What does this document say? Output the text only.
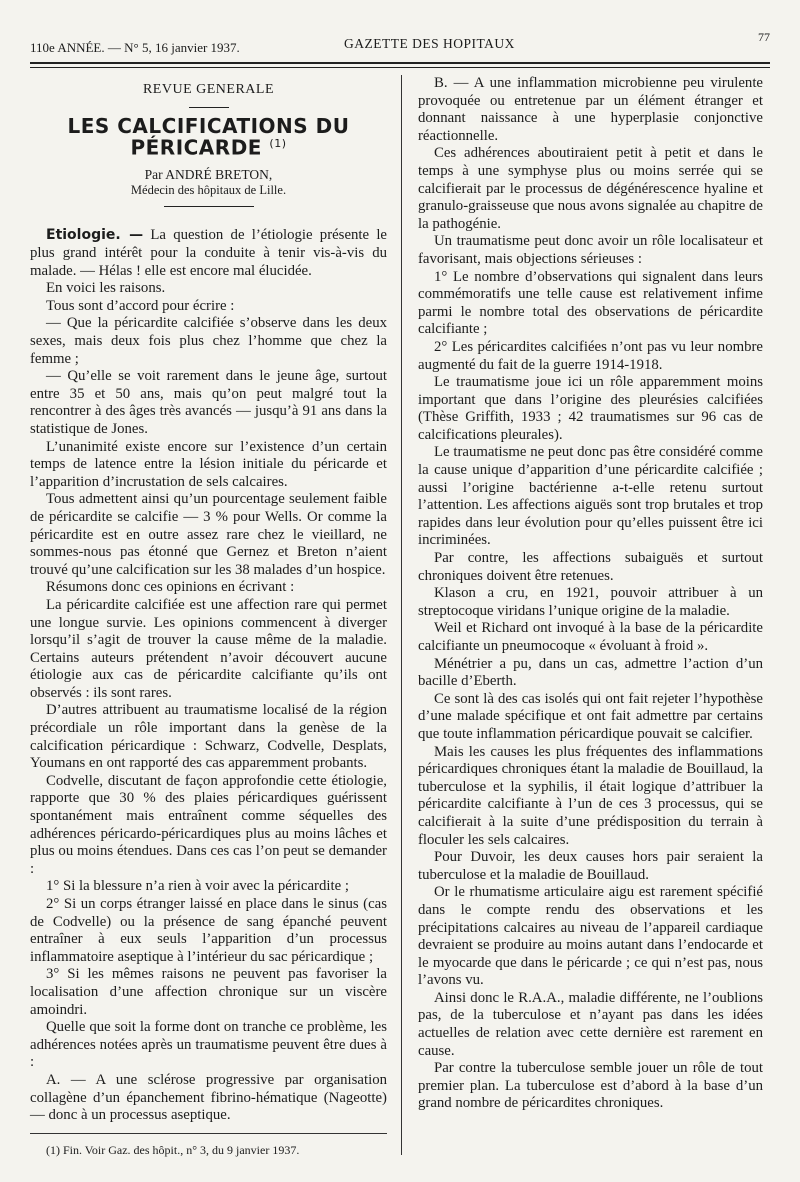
110e ANNÉE. — N° 5, 16 janvier 1937.	GAZETTE DES HOPITAUX	77
REVUE GENERALE
LES CALCIFICATIONS DU PÉRICARDE $^{(1)}$
Par ANDRÉ BRETON,
Médecin des hôpitaux de Lille.

Etiologie. — La question de l’étiologie présente le plus grand intérêt pour la conduite à tenir vis-à-vis du malade. — Hélas ! elle est encore mal élucidée.

En voici les raisons.

Tous sont d’accord pour écrire :

— Que la péricardite calcifiée s’observe dans les deux sexes, mais deux fois plus chez l’homme que chez la femme ;

— Qu’elle se voit rarement dans le jeune âge, surtout entre 35 et 50 ans, mais qu’on peut malgré tout la rencontrer à des âges très avancés — jusqu’à 91 ans dans la statistique de Jones.

L’unanimité existe encore sur l’existence d’un certain temps de latence entre la lésion initiale du péricarde et l’apparition d’incrustation de sels calcaires.

Tous admettent ainsi qu’un pourcentage seulement faible de péricardite se calcifie — 3 % pour Wells. Or comme la péricardite est en outre assez rare chez le vieillard, ne sommes-nous pas étonné que Gernez et Breton n’aient trouvé qu’une calcification sur les 38 malades d’un hospice.

Résumons donc ces opinions en écrivant :

La péricardite calcifiée est une affection rare qui permet une longue survie. Les opinions commencent à diverger lorsqu’il s’agit de trouver la cause même de la maladie. Certains auteurs prétendent n’avoir découvert aucune étiologie aux cas de péricardite calcifiante qu’ils ont observés : ils sont rares.

D’autres attribuent au traumatisme localisé de la région précordiale un rôle important dans la genèse de la calcification péricardique : Schwarz, Codvelle, Desplats, Youmans en ont rapporté des cas apparemment probants.

Codvelle, discutant de façon approfondie cette étiologie, rapporte que 30 % des plaies péricardiques guérissent spontanément mais entraînent comme séquelles des adhérences péricardo-péricardiques plus au moins lâches et plus ou moins étendues. Dans ces cas l’on peut se demander :

1° Si la blessure n’a rien à voir avec la péricardite ;

2° Si un corps étranger laissé en place dans le sinus (cas de Codvelle) ou la présence de sang épanché peuvent entraîner à eux seuls l’apparition d’un processus inflammatoire aseptique à l’intérieur du sac péricardique ;

3° Si les mêmes raisons ne peuvent pas favoriser la localisation d’une affection chronique sur un viscère amoindri.

Quelle que soit la forme dont on tranche ce problème, les adhérences notées après un traumatisme peuvent être dues à :

A. — A une sclérose progressive par organisation collagène d’un épanchement fibrino-hématique (Nageotte) — donc à un processus aseptique.

(1) Fin. Voir Gaz. des hôpit., n° 3, du 9 janvier 1937.

B. — A une inflammation microbienne peu virulente provoquée ou entretenue par un élément étranger et donnant naissance à une hyperplasie conjonctive réactionnelle.

Ces adhérences aboutiraient petit à petit et dans le temps à une symphyse plus ou moins serrée qui se calcifierait par le processus de dégénérescence hyaline et granulo-graisseuse que nous avons signalée au chapitre de la pathogénie.

Un traumatisme peut donc avoir un rôle localisateur et favorisant, mais objections sérieuses :

1° Le nombre d’observations qui signalent dans leurs commémoratifs une telle cause est relativement infime parmi le nombre total des observations de péricardite calcifiante ;

2° Les péricardites calcifiées n’ont pas vu leur nombre augmenté du fait de la guerre 1914-1918.

Le traumatisme joue ici un rôle apparemment moins important que dans l’origine des pleurésies calcifiées (Thèse Griffith, 1933 ; 42 traumatismes sur 96 cas de calcifications pleurales).

Le traumatisme ne peut donc pas être considéré comme la cause unique d’apparition d’une péricardite calcifiée ; aussi l’origine bactérienne a-t-elle retenu surtout l’attention. Les affections aiguës sont trop brutales et trop rapides dans leur évolution pour qu’elles puissent être ici incriminées.

Par contre, les affections subaiguës et surtout chroniques doivent être retenues.

Klason a cru, en 1921, pouvoir attribuer à un streptocoque viridans l’unique origine de la maladie.

Weil et Richard ont invoqué à la base de la péricardite calcifiante un pneumocoque « évoluant à froid ».

Ménétrier a pu, dans un cas, admettre l’action d’un bacille d’Eberth.

Ce sont là des cas isolés qui ont fait rejeter l’hypothèse d’une malade spécifique et ont fait admettre par certains que toute inflammation péricardique pouvait se calcifier.

Mais les causes les plus fréquentes des inflammations péricardiques chroniques étant la maladie de Bouillaud, la tuberculose et la syphilis, il était logique d’attribuer la péricardite calcifiante à l’un de ces 3 processus, qui se calcifierait à la suite d’une prédisposition du terrain à floculer les sels calcaires.

Pour Duvoir, les deux causes hors pair seraient la tuberculose et la maladie de Bouillaud.

Or le rhumatisme articulaire aigu est rarement spécifié dans le compte rendu des observations et les précipitations calcaires au niveau de l’appareil cardiaque devraient se produire au moins autant dans l’endocarde et le myocarde que dans le péricarde ; ce qui n’est pas, nous l’avons vu.

Ainsi donc le R.A.A., maladie différente, ne l’oublions pas, de la tuberculose et n’ayant pas dans les idées actuelles de relation avec cette dernière est rarement en cause.

Par contre la tuberculose semble jouer un rôle de tout premier plan. La tuberculose est d’abord à la base d’un grand nombre de péricardites chroniques.
